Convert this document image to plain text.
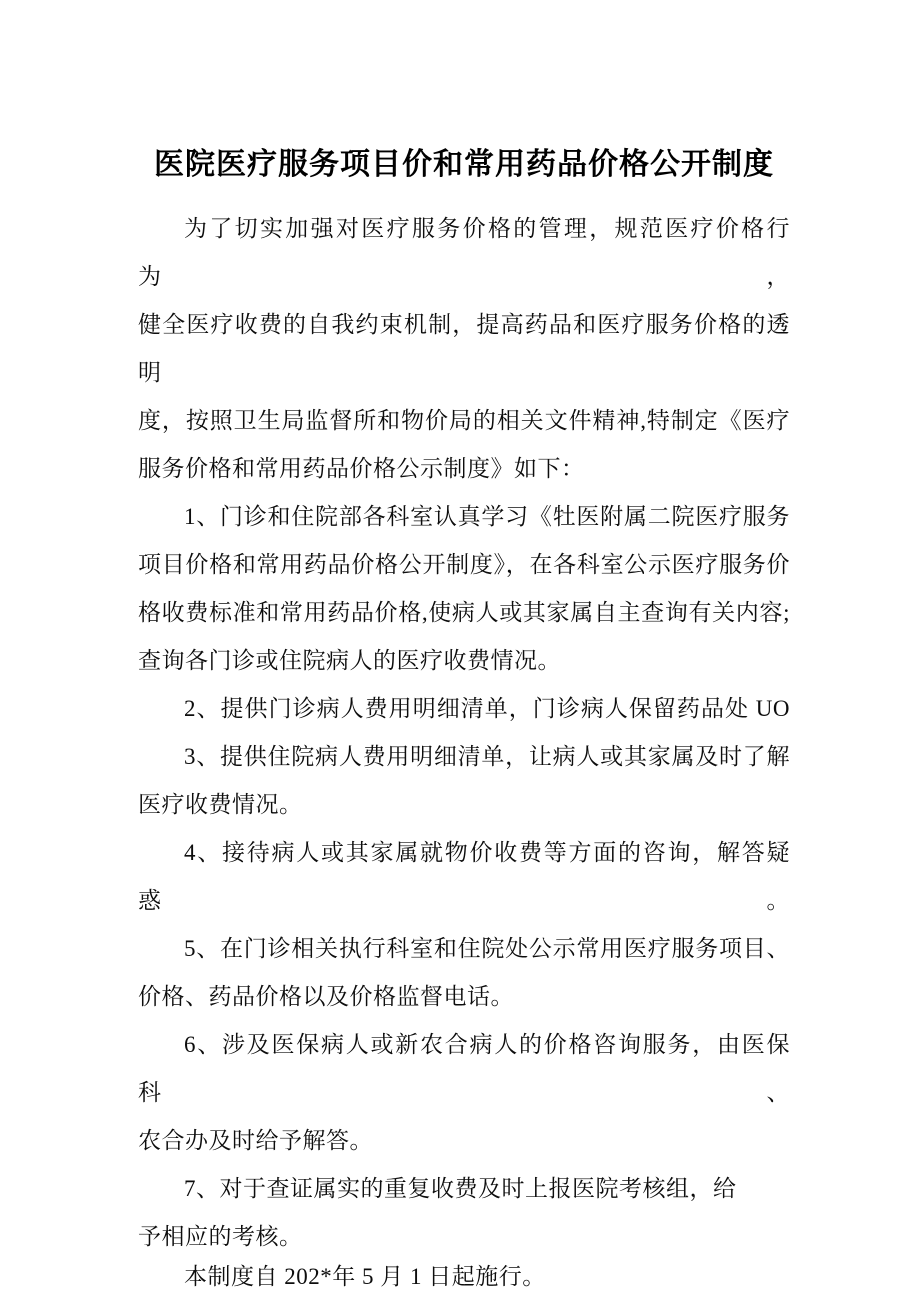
医院医疗服务项目价和常用药品价格公开制度
为了切实加强对医疗服务价格的管理，规范医疗价格行为，
健全医疗收费的自我约束机制，提高药品和医疗服务价格的透明
度，按照卫生局监督所和物价局的相关文件精神,特制定《医疗
服务价格和常用药品价格公示制度》如下：
1、门诊和住院部各科室认真学习《牡医附属二院医疗服务
项目价格和常用药品价格公开制度》，在各科室公示医疗服务价
格收费标准和常用药品价格,使病人或其家属自主查询有关内容;
查询各门诊或住院病人的医疗收费情况。
2、提供门诊病人费用明细清单，门诊病人保留药品处 UO
3、提供住院病人费用明细清单，让病人或其家属及时了解
医疗收费情况。
4、接待病人或其家属就物价收费等方面的咨询，解答疑惑。
5、在门诊相关执行科室和住院处公示常用医疗服务项目、
价格、药品价格以及价格监督电话。
6、涉及医保病人或新农合病人的价格咨询服务，由医保科、
农合办及时给予解答。
7、对于查证属实的重复收费及时上报医院考核组，给
予相应的考核。
本制度自 202*年 5 月 1 日起施行。
